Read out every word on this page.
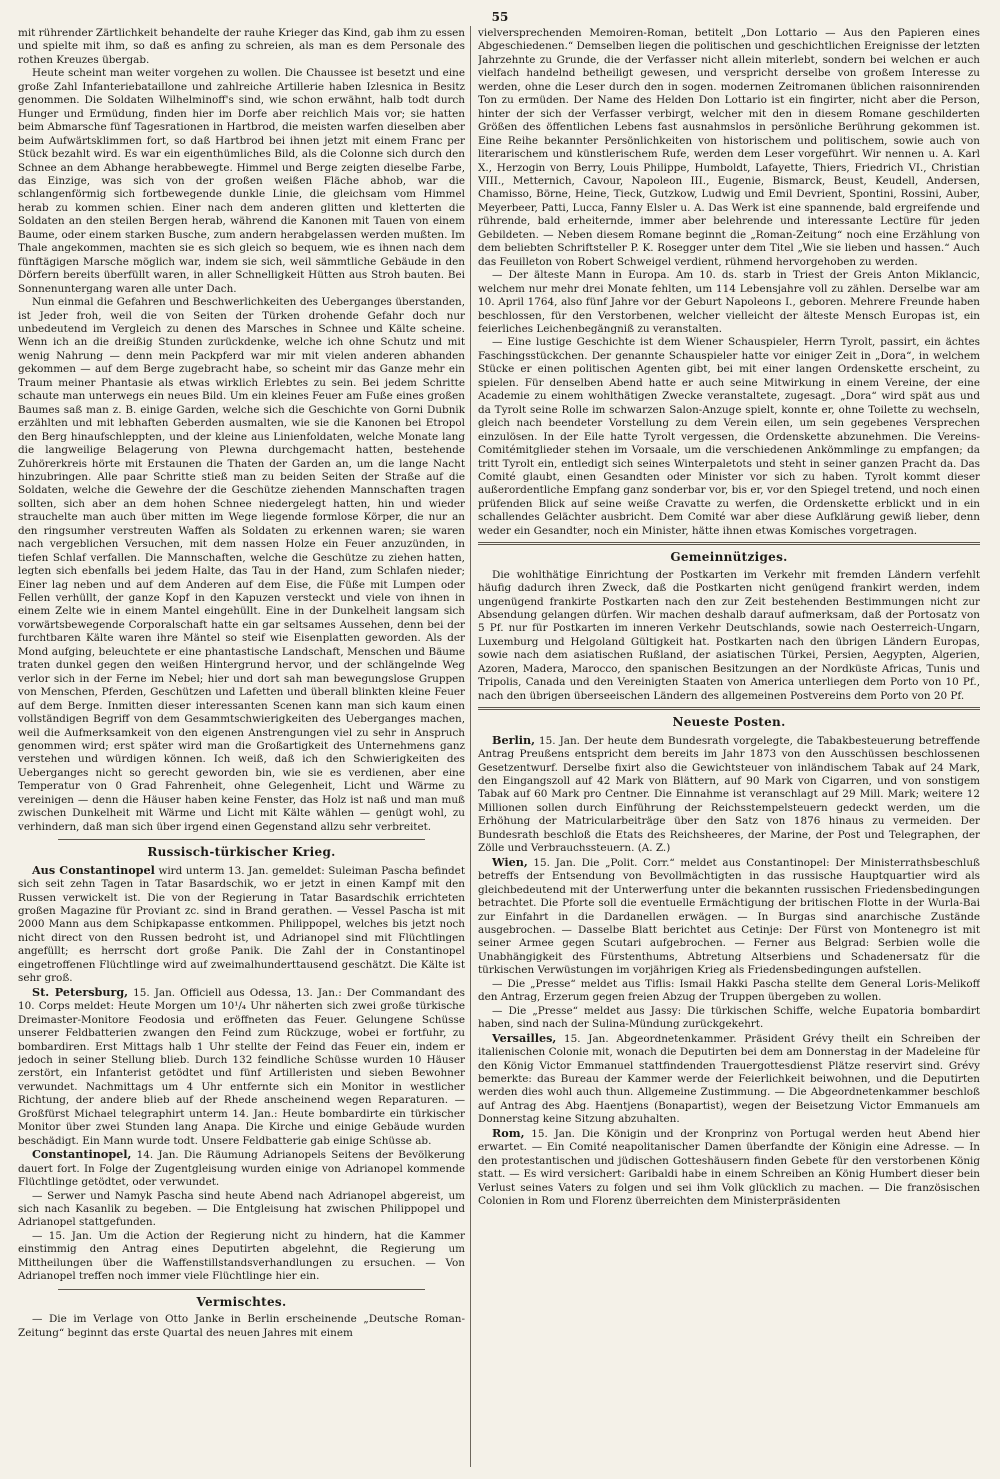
55

mit rührender Zärtlichkeit behandelte der rauhe Krieger das Kind, gab ihm zu essen und spielte mit ihm, so daß es anfing zu schreien, als man es dem Personale des rothen Kreuzes übergab.

Heute scheint man weiter vorgehen zu wollen. Die Chaussee ist besetzt und eine große Zahl Infanteriebataillone und zahlreiche Artillerie haben Izlesnica in Besitz genommen. Die Soldaten Wilhelminoff's sind, wie schon erwähnt, halb todt durch Hunger und Ermüdung, finden hier im Dorfe aber reichlich Mais vor; sie hatten beim Abmarsche fünf Tagesrationen in Hartbrod, die meisten warfen dieselben aber beim Aufwärtsklimmen fort, so daß Hartbrod bei ihnen jetzt mit einem Franc per Stück bezahlt wird. Es war ein eigenthümliches Bild, als die Colonne sich durch den Schnee an dem Abhange herabbewegte. Himmel und Berge zeigten dieselbe Farbe, das Einzige, was sich von der großen weißen Fläche abhob, war die schlangenförmig sich fortbewegende dunkle Linie, die gleichsam vom Himmel herab zu kommen schien. Einer nach dem anderen glitten und kletterten die Soldaten an den steilen Bergen herab, während die Kanonen mit Tauen von einem Baume, oder einem starken Busche, zum andern herabgelassen werden mußten. Im Thale angekommen, machten sie es sich gleich so bequem, wie es ihnen nach dem fünftägigen Marsche möglich war, indem sie sich, weil sämmtliche Gebäude in den Dörfern bereits überfüllt waren, in aller Schnelligkeit Hütten aus Stroh bauten. Bei Sonnenuntergang waren alle unter Dach.

Nun einmal die Gefahren und Beschwerlichkeiten des Ueberganges überstanden, ist Jeder froh, weil die von Seiten der Türken drohende Gefahr doch nur unbedeutend im Vergleich zu denen des Marsches in Schnee und Kälte scheine. Wenn ich an die dreißig Stunden zurückdenke, welche ich ohne Schutz und mit wenig Nahrung — denn mein Packpferd war mir mit vielen anderen abhanden gekommen — auf dem Berge zugebracht habe, so scheint mir das Ganze mehr ein Traum meiner Phantasie als etwas wirklich Erlebtes zu sein. Bei jedem Schritte schaute man unterwegs ein neues Bild. Um ein kleines Feuer am Fuße eines großen Baumes saß man z. B. einige Garden, welche sich die Geschichte von Gorni Dubnik erzählten und mit lebhaften Geberden ausmalten, wie sie die Kanonen bei Etropol den Berg hinaufschleppten, und der kleine aus Linienfoldaten, welche Monate lang die langweilige Belagerung von Plewna durchgemacht hatten, bestehende Zuhörerkreis hörte mit Erstaunen die Thaten der Garden an, um die lange Nacht hinzubringen. Alle paar Schritte stieß man zu beiden Seiten der Straße auf die Soldaten, welche die Gewehre der die Geschütze ziehenden Mannschaften tragen sollten, sich aber an dem hohen Schnee niedergelegt hatten, hin und wieder strauchelte man auch über mitten im Wege liegende formlose Körper, die nur an den ringsumher verstreuten Waffen als Soldaten zu erkennen waren; sie waren nach vergeblichen Versuchen, mit dem nassen Holze ein Feuer anzuzünden, in tiefen Schlaf verfallen. Die Mannschaften, welche die Geschütze zu ziehen hatten, legten sich ebenfalls bei jedem Halte, das Tau in der Hand, zum Schlafen nieder; Einer lag neben und auf dem Anderen auf dem Eise, die Füße mit Lumpen oder Fellen verhüllt, der ganze Kopf in den Kapuzen versteckt und viele von ihnen in einem Zelte wie in einem Mantel eingehüllt. Eine in der Dunkelheit langsam sich vorwärtsbewegende Corporalschaft hatte ein gar seltsames Aussehen, denn bei der furchtbaren Kälte waren ihre Mäntel so steif wie Eisenplatten geworden. Als der Mond aufging, beleuchtete er eine phantastische Landschaft, Menschen und Bäume traten dunkel gegen den weißen Hintergrund hervor, und der schlängelnde Weg verlor sich in der Ferne im Nebel; hier und dort sah man bewegungslose Gruppen von Menschen, Pferden, Geschützen und Lafetten und überall blinkten kleine Feuer auf dem Berge. Inmitten dieser interessanten Scenen kann man sich kaum einen vollständigen Begriff von dem Gesammtschwierigkeiten des Ueberganges machen, weil die Aufmerksamkeit von den eigenen Anstrengungen viel zu sehr in Anspruch genommen wird; erst später wird man die Großartigkeit des Unternehmens ganz verstehen und würdigen können. Ich weiß, daß ich den Schwierigkeiten des Ueberganges nicht so gerecht geworden bin, wie sie es verdienen, aber eine Temperatur von 0 Grad Fahrenheit, ohne Gelegenheit, Licht und Wärme zu vereinigen — denn die Häuser haben keine Fenster, das Holz ist naß und man muß zwischen Dunkelheit mit Wärme und Licht mit Kälte wählen — genügt wohl, zu verhindern, daß man sich über irgend einen Gegenstand allzu sehr verbreitet.

Russisch-türkischer Krieg.

Aus Constantinopel wird unterm 13. Jan. gemeldet: Suleiman Pascha befindet sich seit zehn Tagen in Tatar Basardschik, wo er jetzt in einen Kampf mit den Russen verwickelt ist. Die von der Regierung in Tatar Basardschik errichteten großen Magazine für Proviant zc. sind in Brand gerathen. — Vessel Pascha ist mit 2000 Mann aus dem Schipkapasse entkommen. Philippopel, welches bis jetzt noch nicht direct von den Russen bedroht ist, und Adrianopel sind mit Flüchtlingen angefüllt; es herrscht dort große Panik. Die Zahl der in Constantinopel eingetroffenen Flüchtlinge wird auf zweimalhunderttausend geschätzt. Die Kälte ist sehr groß.

St. Petersburg, 15. Jan. Officiell aus Odessa, 13. Jan.: Der Commandant des 10. Corps meldet: Heute Morgen um 10¹/₄ Uhr näherten sich zwei große türkische Dreimaster-Monitore Feodosia und eröffneten das Feuer. Gelungene Schüsse unserer Feldbatterien zwangen den Feind zum Rückzuge, wobei er fortfuhr, zu bombardiren. Erst Mittags halb 1 Uhr stellte der Feind das Feuer ein, indem er jedoch in seiner Stellung blieb. Durch 132 feindliche Schüsse wurden 10 Häuser zerstört, ein Infanterist getödtet und fünf Artilleristen und sieben Bewohner verwundet. Nachmittags um 4 Uhr entfernte sich ein Monitor in westlicher Richtung, der andere blieb auf der Rhede anscheinend wegen Reparaturen. — Großfürst Michael telegraphirt unterm 14. Jan.: Heute bombardirte ein türkischer Monitor über zwei Stunden lang Anapa. Die Kirche und einige Gebäude wurden beschädigt. Ein Mann wurde todt. Unsere Feldbatterie gab einige Schüsse ab.

Constantinopel, 14. Jan. Die Räumung Adrianopels Seitens der Bevölkerung dauert fort. In Folge der Zugentgleisung wurden einige von Adrianopel kommende Flüchtlinge getödtet, oder verwundet.

— Serwer und Namyk Pascha sind heute Abend nach Adrianopel abgereist, um sich nach Kasanlik zu begeben. — Die Entgleisung hat zwischen Philippopel und Adrianopel stattgefunden.

— 15. Jan. Um die Action der Regierung nicht zu hindern, hat die Kammer einstimmig den Antrag eines Deputirten abgelehnt, die Regierung um Mittheilungen über die Waffenstillstandsverhandlungen zu ersuchen. — Von Adrianopel treffen noch immer viele Flüchtlinge hier ein.

Vermischtes.

— Die im Verlage von Otto Janke in Berlin erscheinende „Deutsche Roman-Zeitung“ beginnt das erste Quartal des neuen Jahres mit einem

vielversprechenden Memoiren-Roman, betitelt „Don Lottario — Aus den Papieren eines Abgeschiedenen.“ Demselben liegen die politischen und geschichtlichen Ereignisse der letzten Jahrzehnte zu Grunde, die der Verfasser nicht allein miterlebt, sondern bei welchen er auch vielfach handelnd betheiligt gewesen, und verspricht derselbe von großem Interesse zu werden, ohne die Leser durch den in sogen. modernen Zeitromanen üblichen raisonnirenden Ton zu ermüden. Der Name des Helden Don Lottario ist ein fingirter, nicht aber die Person, hinter der sich der Verfasser verbirgt, welcher mit den in diesem Romane geschilderten Größen des öffentlichen Lebens fast ausnahmslos in persönliche Berührung gekommen ist. Eine Reihe bekannter Persönlichkeiten von historischem und politischem, sowie auch von literarischem und künstlerischem Rufe, werden dem Leser vorgeführt. Wir nennen u. A. Karl X., Herzogin von Berry, Louis Philippe, Humboldt, Lafayette, Thiers, Friedrich VI., Christian VIII., Metternich, Cavour, Napoleon III., Eugenie, Bismarck, Beust, Keudell, Andersen, Chamisso, Börne, Heine, Tieck, Gutzkow, Ludwig und Emil Devrient, Spontini, Rossini, Auber, Meyerbeer, Patti, Lucca, Fanny Elsler u. A. Das Werk ist eine spannende, bald ergreifende und rührende, bald erheiternde, immer aber belehrende und interessante Lectüre für jeden Gebildeten. — Neben diesem Romane beginnt die „Roman-Zeitung“ noch eine Erzählung von dem beliebten Schriftsteller P. K. Rosegger unter dem Titel „Wie sie lieben und hassen.“ Auch das Feuilleton von Robert Schweigel verdient, rühmend hervorgehoben zu werden.

— Der älteste Mann in Europa. Am 10. ds. starb in Triest der Greis Anton Miklancic, welchem nur mehr drei Monate fehlten, um 114 Lebensjahre voll zu zählen. Derselbe war am 10. April 1764, also fünf Jahre vor der Geburt Napoleons I., geboren. Mehrere Freunde haben beschlossen, für den Verstorbenen, welcher vielleicht der älteste Mensch Europas ist, ein feierliches Leichenbegängniß zu veranstalten.

— Eine lustige Geschichte ist dem Wiener Schauspieler, Herrn Tyrolt, passirt, ein ächtes Faschingsstückchen. Der genannte Schauspieler hatte vor einiger Zeit in „Dora“, in welchem Stücke er einen politischen Agenten gibt, bei mit einer langen Ordenskette erscheint, zu spielen. Für denselben Abend hatte er auch seine Mitwirkung in einem Vereine, der eine Academie zu einem wohlthätigen Zwecke veranstaltete, zugesagt. „Dora“ wird spät aus und da Tyrolt seine Rolle im schwarzen Salon-Anzuge spielt, konnte er, ohne Toilette zu wechseln, gleich nach beendeter Vorstellung zu dem Verein eilen, um sein gegebenes Versprechen einzulösen. In der Eile hatte Tyrolt vergessen, die Ordenskette abzunehmen. Die Vereins-Comitémitglieder stehen im Vorsaale, um die verschiedenen Ankömmlinge zu empfangen; da tritt Tyrolt ein, entledigt sich seines Winterpaletots und steht in seiner ganzen Pracht da. Das Comité glaubt, einen Gesandten oder Minister vor sich zu haben. Tyrolt kommt dieser außerordentliche Empfang ganz sonderbar vor, bis er, vor den Spiegel tretend, und noch einen prüfenden Blick auf seine weiße Cravatte zu werfen, die Ordenskette erblickt und in ein schallendes Gelächter ausbricht. Dem Comité war aber diese Aufklärung gewiß lieber, denn weder ein Gesandter, noch ein Minister, hätte ihnen etwas Komisches vorgetragen.

Gemeinnütziges.

Die wohlthätige Einrichtung der Postkarten im Verkehr mit fremden Ländern verfehlt häufig dadurch ihren Zweck, daß die Postkarten nicht genügend frankirt werden, indem ungenügend frankirte Postkarten nach den zur Zeit bestehenden Bestimmungen nicht zur Absendung gelangen dürfen. Wir machen deshalb darauf aufmerksam, daß der Portosatz von 5 Pf. nur für Postkarten im inneren Verkehr Deutschlands, sowie nach Oesterreich-Ungarn, Luxemburg und Helgoland Gültigkeit hat. Postkarten nach den übrigen Ländern Europas, sowie nach dem asiatischen Rußland, der asiatischen Türkei, Persien, Aegypten, Algerien, Azoren, Madera, Marocco, den spanischen Besitzungen an der Nordküste Africas, Tunis und Tripolis, Canada und den Vereinigten Staaten von America unterliegen dem Porto von 10 Pf., nach den übrigen überseeischen Ländern des allgemeinen Postvereins dem Porto von 20 Pf.

Neueste Posten.

Berlin, 15. Jan. Der heute dem Bundesrath vorgelegte, die Tabakbesteuerung betreffende Antrag Preußens entspricht dem bereits im Jahr 1873 von den Ausschüssen beschlossenen Gesetzentwurf. Derselbe fixirt also die Gewichtsteuer von inländischem Tabak auf 24 Mark, den Eingangszoll auf 42 Mark von Blättern, auf 90 Mark von Cigarren, und von sonstigem Tabak auf 60 Mark pro Centner. Die Einnahme ist veranschlagt auf 29 Mill. Mark; weitere 12 Millionen sollen durch Einführung der Reichsstempelsteuern gedeckt werden, um die Erhöhung der Matricularbeiträge über den Satz von 1876 hinaus zu vermeiden. Der Bundesrath beschloß die Etats des Reichsheeres, der Marine, der Post und Telegraphen, der Zölle und Verbrauchssteuern. (A. Z.)

Wien, 15. Jan. Die „Polit. Corr.“ meldet aus Constantinopel: Der Ministerrathsbeschluß betreffs der Entsendung von Bevollmächtigten in das russische Hauptquartier wird als gleichbedeutend mit der Unterwerfung unter die bekannten russischen Friedensbedingungen betrachtet. Die Pforte soll die eventuelle Ermächtigung der britischen Flotte in der Wurla-Bai zur Einfahrt in die Dardanellen erwägen. — In Burgas sind anarchische Zustände ausgebrochen. — Dasselbe Blatt berichtet aus Cetinje: Der Fürst von Montenegro ist mit seiner Armee gegen Scutari aufgebrochen. — Ferner aus Belgrad: Serbien wolle die Unabhängigkeit des Fürstenthums, Abtretung Altserbiens und Schadenersatz für die türkischen Verwüstungen im vorjährigen Krieg als Friedensbedingungen aufstellen.

— Die „Presse“ meldet aus Tiflis: Ismail Hakki Pascha stellte dem General Loris-Melikoff den Antrag, Erzerum gegen freien Abzug der Truppen übergeben zu wollen.

— Die „Presse“ meldet aus Jassy: Die türkischen Schiffe, welche Eupatoria bombardirt haben, sind nach der Sulina-Mündung zurückgekehrt.

Versailles, 15. Jan. Abgeordnetenkammer. Präsident Grévy theilt ein Schreiben der italienischen Colonie mit, wonach die Deputirten bei dem am Donnerstag in der Madeleine für den König Victor Emmanuel stattfindenden Trauergottesdienst Plätze reservirt sind. Grévy bemerkte: das Bureau der Kammer werde der Feierlichkeit beiwohnen, und die Deputirten werden dies wohl auch thun. Allgemeine Zustimmung. — Die Abgeordnetenkammer beschloß auf Antrag des Abg. Haentjens (Bonapartist), wegen der Beisetzung Victor Emmanuels am Donnerstag keine Sitzung abzuhalten.

Rom, 15. Jan. Die Königin und der Kronprinz von Portugal werden heut Abend hier erwartet. — Ein Comité neapolitanischer Damen überfandte der Königin eine Adresse. — In den protestantischen und jüdischen Gotteshäusern finden Gebete für den verstorbenen König statt. — Es wird versichert: Garibaldi habe in einem Schreiben an König Humbert dieser bein Verlust seines Vaters zu folgen und sei ihm Volk glücklich zu machen. — Die französischen Colonien in Rom und Florenz überreichten dem Ministerpräsidenten
